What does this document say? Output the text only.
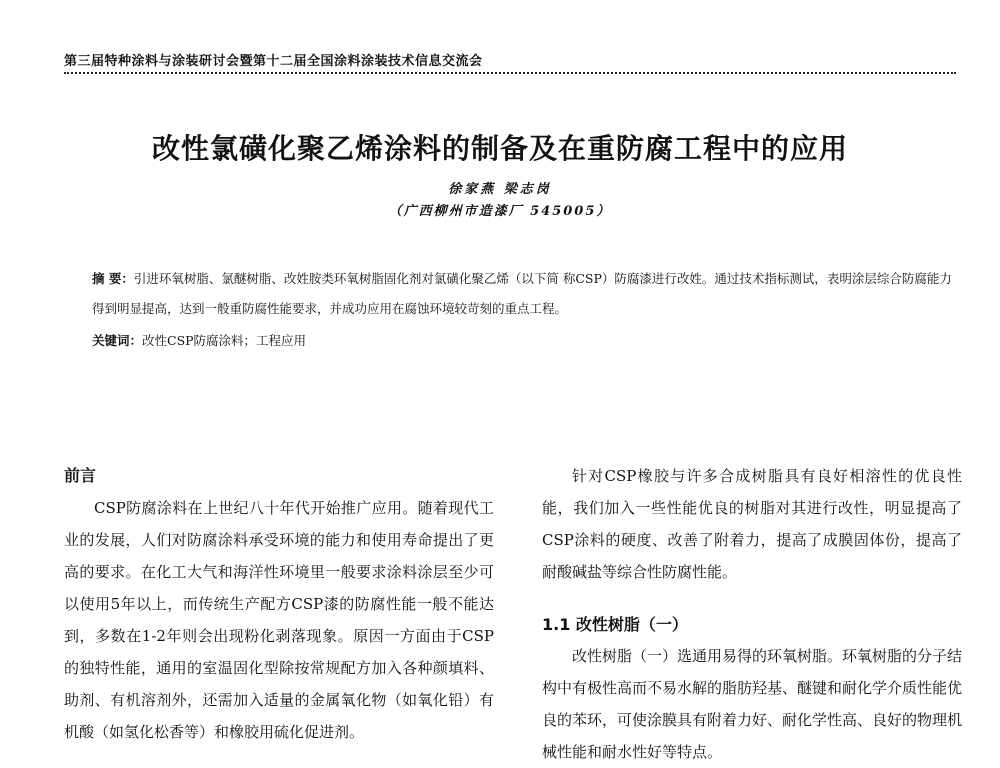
第三届特种涂料与涂装研讨会暨第十二届全国涂料涂装技术信息交流会
改性氯磺化聚乙烯涂料的制备及在重防腐工程中的应用
徐家燕 梁志岗
（广西柳州市造漆厂 545005）
摘 要：引进环氧树脂、氯醚树脂、改姓胺类环氧树脂固化剂对氯磺化聚乙烯（以下简 称CSP）防腐漆进行改姓。通过技术指标测试，表明涂层综合防腐能力得到明显提高，达到一般重防腐性能要求，并成功应用在腐蚀环境较苛刻的重点工程。
关键词：改性CSP防腐涂料；工程应用
前言

CSP防腐涂料在上世纪八十年代开始推广应用。随着现代工业的发展，人们对防腐涂料承受环境的能力和使用寿命提出了更高的要求。在化工大气和海洋性环境里一般要求涂料涂层至少可以使用5年以上，而传统生产配方CSP漆的防腐性能一般不能达到，多数在1-2年则会出现粉化剥落现象。原因一方面由于CSP的独特性能，通用的室温固化型除按常规配方加入各种颜填料、助剂、有机溶剂外，还需加入适量的金属氧化物（如氧化铅）有机酸（如氢化松香等）和橡胶用硫化促进剂。

针对CSP橡胶与许多合成树脂具有良好相溶性的优良性能，我们加入一些性能优良的树脂对其进行改性，明显提高了CSP涂料的硬度、改善了附着力，提高了成膜固体份，提高了耐酸碱盐等综合性防腐性能。

1.1 改性树脂（一）

改性树脂（一）选通用易得的环氧树脂。环氧树脂的分子结构中有极性高而不易水解的脂肪羟基、醚键和耐化学介质性能优良的苯环，可使涂膜具有附着力好、耐化学性高、良好的物理机械性能和耐水性好等特点。
